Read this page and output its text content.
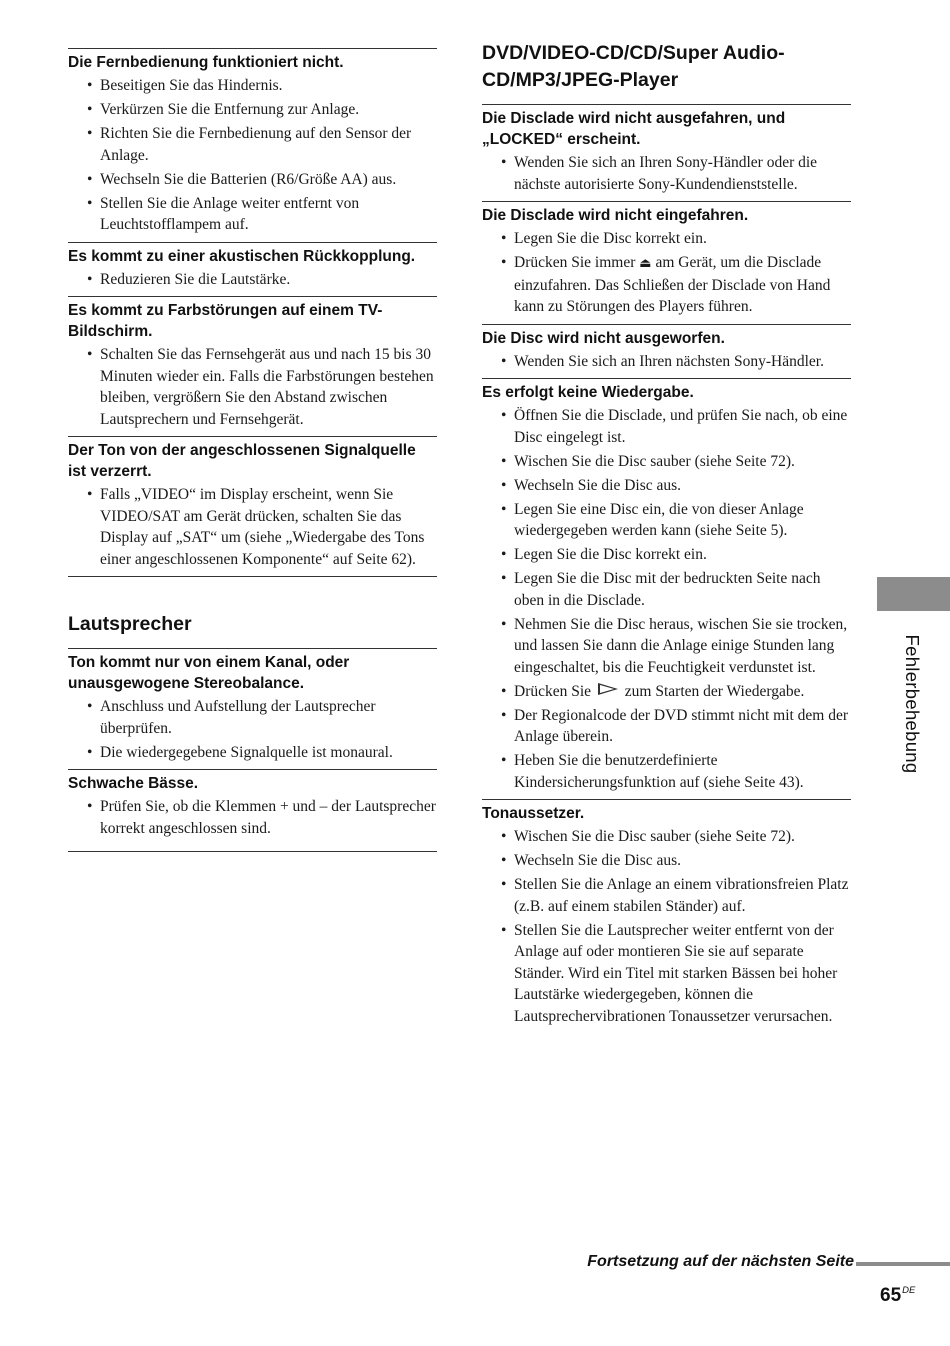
Die Fernbedienung funktioniert nicht.
• Beseitigen Sie das Hindernis.
• Verkürzen Sie die Entfernung zur Anlage.
• Richten Sie die Fernbedienung auf den Sensor der Anlage.
• Wechseln Sie die Batterien (R6/Größe AA) aus.
• Stellen Sie die Anlage weiter entfernt von Leuchtstofflampem auf.
Es kommt zu einer akustischen Rückkopplung.
• Reduzieren Sie die Lautstärke.
Es kommt zu Farbstörungen auf einem TV-Bildschirm.
• Schalten Sie das Fernsehgerät aus und nach 15 bis 30 Minuten wieder ein. Falls die Farbstörungen bestehen bleiben, vergrößern Sie den Abstand zwischen Lautsprechern und Fernsehgerät.
Der Ton von der angeschlossenen Signalquelle ist verzerrt.
• Falls „VIDEO“ im Display erscheint, wenn Sie VIDEO/SAT am Gerät drücken, schalten Sie das Display auf „SAT“ um (siehe „Wiedergabe des Tons einer angeschlossenen Komponente“ auf Seite 62).
Lautsprecher
Ton kommt nur von einem Kanal, oder unausgewogene Stereobalance.
• Anschluss und Aufstellung der Lautsprecher überprüfen.
• Die wiedergegebene Signalquelle ist monaural.
Schwache Bässe.
• Prüfen Sie, ob die Klemmen + und – der Lautsprecher korrekt angeschlossen sind.
DVD/VIDEO-CD/CD/Super Audio-CD/MP3/JPEG-Player
Die Disclade wird nicht ausgefahren, und „LOCKED“ erscheint.
• Wenden Sie sich an Ihren Sony-Händler oder die nächste autorisierte Sony-Kundendienststelle.
Die Disclade wird nicht eingefahren.
• Legen Sie die Disc korrekt ein.
• Drücken Sie immer ⏏ am Gerät, um die Disclade einzufahren. Das Schließen der Disclade von Hand kann zu Störungen des Players führen.
Die Disc wird nicht ausgeworfen.
• Wenden Sie sich an Ihren nächsten Sony-Händler.
Es erfolgt keine Wiedergabe.
• Öffnen Sie die Disclade, und prüfen Sie nach, ob eine Disc eingelegt ist.
• Wischen Sie die Disc sauber (siehe Seite 72).
• Wechseln Sie die Disc aus.
• Legen Sie eine Disc ein, die von dieser Anlage wiedergegeben werden kann (siehe Seite 5).
• Legen Sie die Disc korrekt ein.
• Legen Sie die Disc mit der bedruckten Seite nach oben in die Disclade.
• Nehmen Sie die Disc heraus, wischen Sie sie trocken, und lassen Sie dann die Anlage einige Stunden lang eingeschaltet, bis die Feuchtigkeit verdunstet ist.
• Drücken Sie  zum Starten der Wiedergabe.
• Der Regionalcode der DVD stimmt nicht mit dem der Anlage überein.
• Heben Sie die benutzerdefinierte Kindersicherungsfunktion auf (siehe Seite 43).
Tonaussetzer.
• Wischen Sie die Disc sauber (siehe Seite 72).
• Wechseln Sie die Disc aus.
• Stellen Sie die Anlage an einem vibrationsfreien Platz (z.B. auf einem stabilen Ständer) auf.
• Stellen Sie die Lautsprecher weiter entfernt von der Anlage auf oder montieren Sie sie auf separate Ständer. Wird ein Titel mit starken Bässen bei hoher Lautstärke wiedergegeben, können die Lautsprechervibrationen Tonaussetzer verursachen.
Fehlerbehebung
Fortsetzung auf der nächsten Seite
65DE
